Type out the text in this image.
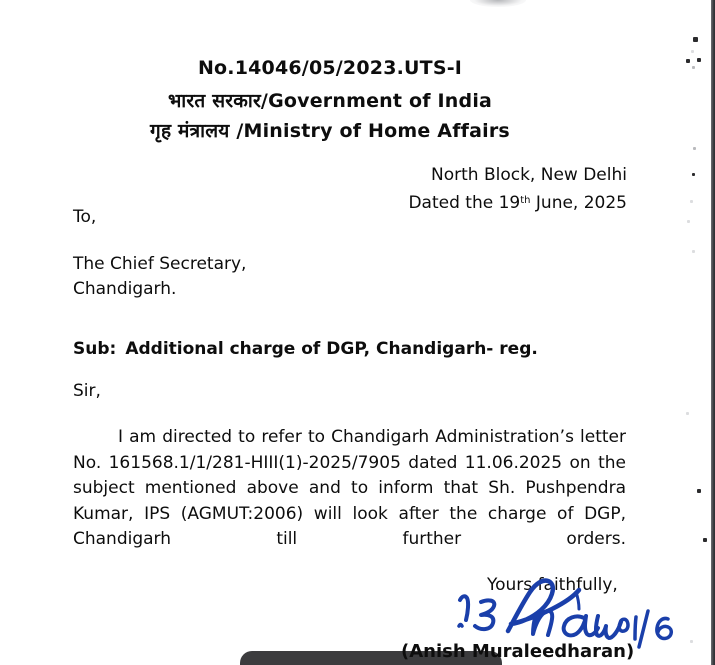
No.14046/05/2023.UTS-I
भारत सरकार/Government of India
गृह मंत्रालय /Ministry of Home Affairs
North Block, New Delhi
Dated the 19th June, 2025
To,
The Chief Secretary,
Chandigarh.
Sub: Additional charge of DGP, Chandigarh- reg.
Sir,
I am directed to refer to Chandigarh Administration’s letter No. 161568.1/1/281-HIII(1)-2025/7905 dated 11.06.2025 on the subject mentioned above and to inform that Sh. Pushpendra Kumar, IPS (AGMUT:2006) will look after the charge of DGP, Chandigarh till further orders.
Yours faithfully,
(Anish Muraleedharan)
